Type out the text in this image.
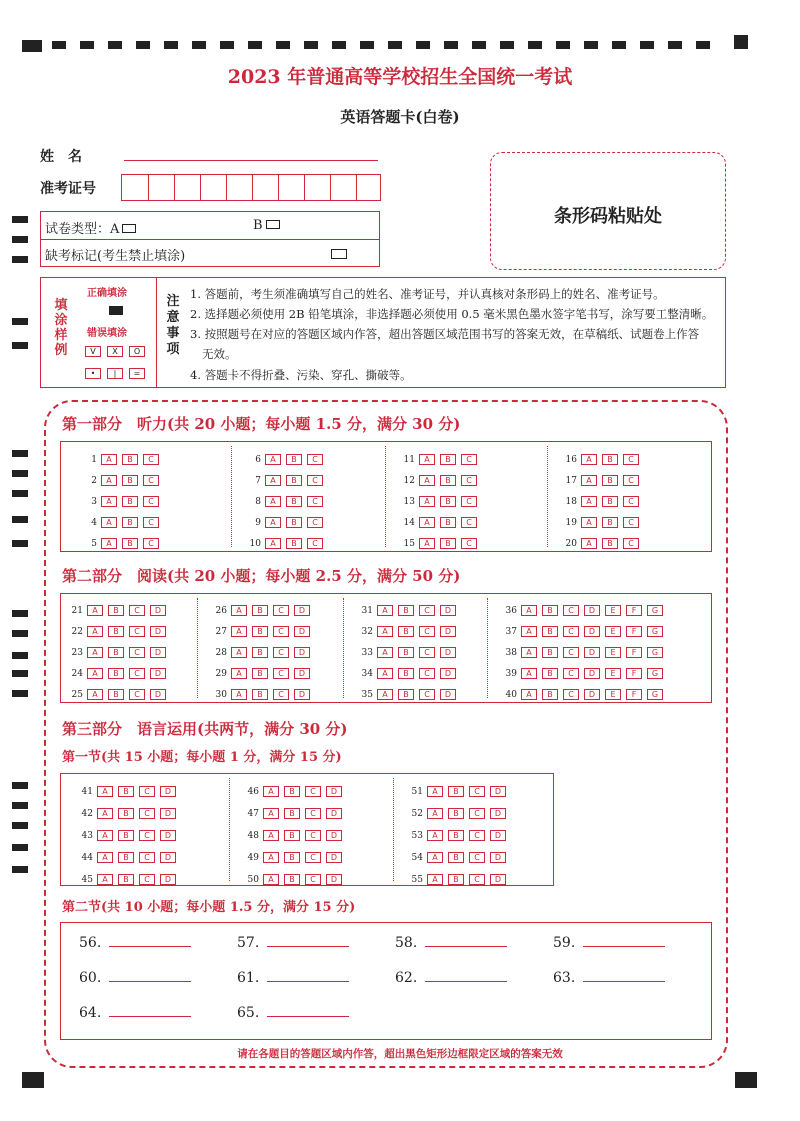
2023 年普通高等学校招生全国统一考试
英语答题卡(白卷)
姓　名
准考证号
条形码粘贴处
试卷类型：A	B
缺考标记(考生禁止填涂)
填涂样例
正确填涂
错误填涂
V	X	O
•	|	=
注意事项
1. 答题前，考生须准确填写自己的姓名、准考证号，并认真核对条形码上的姓名、准考证号。
2. 选择题必须使用 2B 铅笔填涂，非选择题必须使用 0.5 毫米黑色墨水签字笔书写，涂写要工整清晰。
3. 按照题号在对应的答题区域内作答，超出答题区域范围书写的答案无效，在草稿纸、试题卷上作答
无效。
4. 答题卡不得折叠、污染、穿孔、撕破等。
第一部分　听力(共 20 小题；每小题 1.5 分，满分 30 分)
1 A B C
2 A B C
3 A B C
4 A B C
5 A B C
6 A B C
7 A B C
8 A B C
9 A B C
10 A B C
11 A B C
12 A B C
13 A B C
14 A B C
15 A B C
16 A B C
17 A B C
18 A B C
19 A B C
20 A B C
第二部分　阅读(共 20 小题；每小题 2.5 分，满分 50 分)
21 A B C D
22 A B C D
23 A B C D
24 A B C D
25 A B C D
26 A B C D
27 A B C D
28 A B C D
29 A B C D
30 A B C D
31 A B C D
32 A B C D
33 A B C D
34 A B C D
35 A B C D
36 A B C D E F G
37 A B C D E F G
38 A B C D E F G
39 A B C D E F G
40 A B C D E F G
第三部分　语言运用(共两节，满分 30 分)
第一节(共 15 小题；每小题 1 分，满分 15 分)
41 A B C D
42 A B C D
43 A B C D
44 A B C D
45 A B C D
46 A B C D
47 A B C D
48 A B C D
49 A B C D
50 A B C D
51 A B C D
52 A B C D
53 A B C D
54 A B C D
55 A B C D
第二节(共 10 小题；每小题 1.5 分，满分 15 分)
56.	57.	58.	59.
60.	61.	62.	63.
64.	65.
请在各题目的答题区域内作答，超出黑色矩形边框限定区域的答案无效
